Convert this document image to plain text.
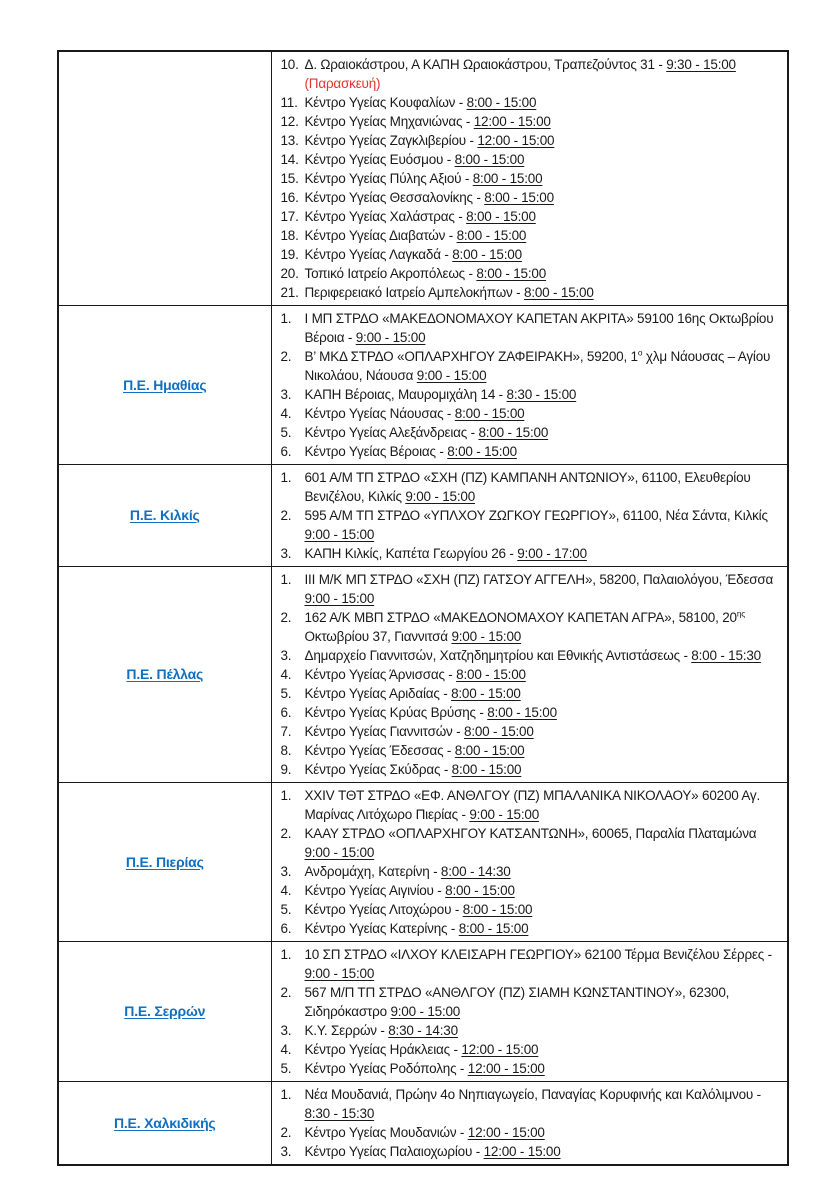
10. Δ. Ωραιοκάστρου, Α ΚΑΠΗ Ωραιοκάστρου, Τραπεζούντος 31 - 9:30 - 15:00 (Παρασκευή)
11. Κέντρο Υγείας Κουφαλίων - 8:00 - 15:00
12. Κέντρο Υγείας Μηχανιώνας - 12:00 - 15:00
13. Κέντρο Υγείας Ζαγκλιβερίου - 12:00 - 15:00
14. Κέντρο Υγείας Ευόσμου - 8:00 - 15:00
15. Κέντρο Υγείας Πύλης Αξιού - 8:00 - 15:00
16. Κέντρο Υγείας Θεσσαλονίκης - 8:00 - 15:00
17. Κέντρο Υγείας Χαλάστρας - 8:00 - 15:00
18. Κέντρο Υγείας Διαβατών - 8:00 - 15:00
19. Κέντρο Υγείας Λαγκαδά - 8:00 - 15:00
20. Τοπικό Ιατρείο Ακροπόλεως - 8:00 - 15:00
21. Περιφερειακό Ιατρείο Αμπελοκήπων - 8:00 - 15:00

Π.Ε. Ημαθίας	
1. Ι ΜΠ ΣΤΡΔΟ «ΜΑΚΕΔΟΝΟΜΑΧΟΥ ΚΑΠΕΤΑΝ ΑΚΡΙΤΑ» 59100 16ης Οκτωβρίου Βέροια - 9:00 - 15:00
2. Β’ ΜΚΔ ΣΤΡΔΟ «ΟΠΛΑΡΧΗΓΟΥ ΖΑΦΕΙΡΑΚΗ», 59200, $1^o$ χλμ Νάουσας – Αγίου Νικολάου, Νάουσα 9:00 - 15:00
3. ΚΑΠΗ Βέροιας, Μαυρομιχάλη 14 - 8:30 - 15:00
4. Κέντρο Υγείας Νάουσας - 8:00 - 15:00
5. Κέντρο Υγείας Αλεξάνδρειας - 8:00 - 15:00
6. Κέντρο Υγείας Βέροιας - 8:00 - 15:00

Π.Ε. Κιλκίς	
1. 601 Α/Μ ΤΠ ΣΤΡΔΟ «ΣΧΗ (ΠΖ) ΚΑΜΠΑΝΗ ΑΝΤΩΝΙΟΥ», 61100, Ελευθερίου Βενιζέλου, Κιλκίς 9:00 - 15:00
2. 595 Α/Μ ΤΠ ΣΤΡΔΟ «ΥΠΛΧΟΥ ΖΩΓΚΟΥ ΓΕΩΡΓΙΟΥ», 61100, Νέα Σάντα, Κιλκίς 9:00 - 15:00
3. ΚΑΠΗ Κιλκίς, Καπέτα Γεωργίου 26 - 9:00 - 17:00

Π.Ε. Πέλλας	
1. ΙΙΙ Μ/Κ ΜΠ ΣΤΡΔΟ «ΣΧΗ (ΠΖ) ΓΑΤΣΟΥ ΑΓΓΕΛΗ», 58200, Παλαιολόγου, Έδεσσα 9:00 - 15:00
2. 162 Α/Κ ΜΒΠ ΣΤΡΔΟ «ΜΑΚΕΔΟΝΟΜΑΧΟΥ ΚΑΠΕΤΑΝ ΑΓΡΑ», 58100, $20^{\eta\varsigma}$ Οκτωβρίου 37, Γιαννιτσά 9:00 - 15:00
3. Δημαρχείο Γιαννιτσών, Χατζηδημητρίου και Εθνικής Αντιστάσεως - 8:00 - 15:30
4. Κέντρο Υγείας Άρνισσας - 8:00 - 15:00
5. Κέντρο Υγείας Αριδαίας - 8:00 - 15:00
6. Κέντρο Υγείας Κρύας Βρύσης - 8:00 - 15:00
7. Κέντρο Υγείας Γιαννιτσών - 8:00 - 15:00
8. Κέντρο Υγείας Έδεσσας - 8:00 - 15:00
9. Κέντρο Υγείας Σκύδρας - 8:00 - 15:00

Π.Ε. Πιερίας	
1. XXIV ΤΘΤ ΣΤΡΔΟ «ΕΦ. ΑΝΘΛΓΟΥ (ΠΖ) ΜΠΑΛΑΝΙΚΑ ΝΙΚΟΛΑΟΥ» 60200 Αγ. Μαρίνας Λιτόχωρο Πιερίας - 9:00 - 15:00
2. ΚΑΑΥ ΣΤΡΔΟ «ΟΠΛΑΡΧΗΓΟΥ ΚΑΤΣΑΝΤΩΝΗ», 60065, Παραλία Πλαταμώνα 9:00 - 15:00
3. Ανδρομάχη, Κατερίνη - 8:00 - 14:30
4. Κέντρο Υγείας Αιγινίου - 8:00 - 15:00
5. Κέντρο Υγείας Λιτοχώρου - 8:00 - 15:00
6. Κέντρο Υγείας Κατερίνης - 8:00 - 15:00

Π.Ε. Σερρών	
1. 10 ΣΠ ΣΤΡΔΟ «ΙΛΧΟΥ ΚΛΕΙΣΑΡΗ ΓΕΩΡΓΙΟΥ» 62100 Τέρμα Βενιζέλου Σέρρες - 9:00 - 15:00
2. 567 Μ/Π ΤΠ ΣΤΡΔΟ «ΑΝΘΛΓΟΥ (ΠΖ) ΣΙΑΜΗ ΚΩΝΣΤΑΝΤΙΝΟΥ», 62300, Σιδηρόκαστρο 9:00 - 15:00
3. Κ.Υ. Σερρών - 8:30 - 14:30
4. Κέντρο Υγείας Ηράκλειας - 12:00 - 15:00
5. Κέντρο Υγείας Ροδόπολης - 12:00 - 15:00

Π.Ε. Χαλκιδικής	
1. Νέα Μουδανιά, Πρώην 4ο Νηπιαγωγείο, Παναγίας Κορυφινής και Καλόλιμνου - 8:30 - 15:30
2. Κέντρο Υγείας Μουδανιών - 12:00 - 15:00
3. Κέντρο Υγείας Παλαιοχωρίου - 12:00 - 15:00
